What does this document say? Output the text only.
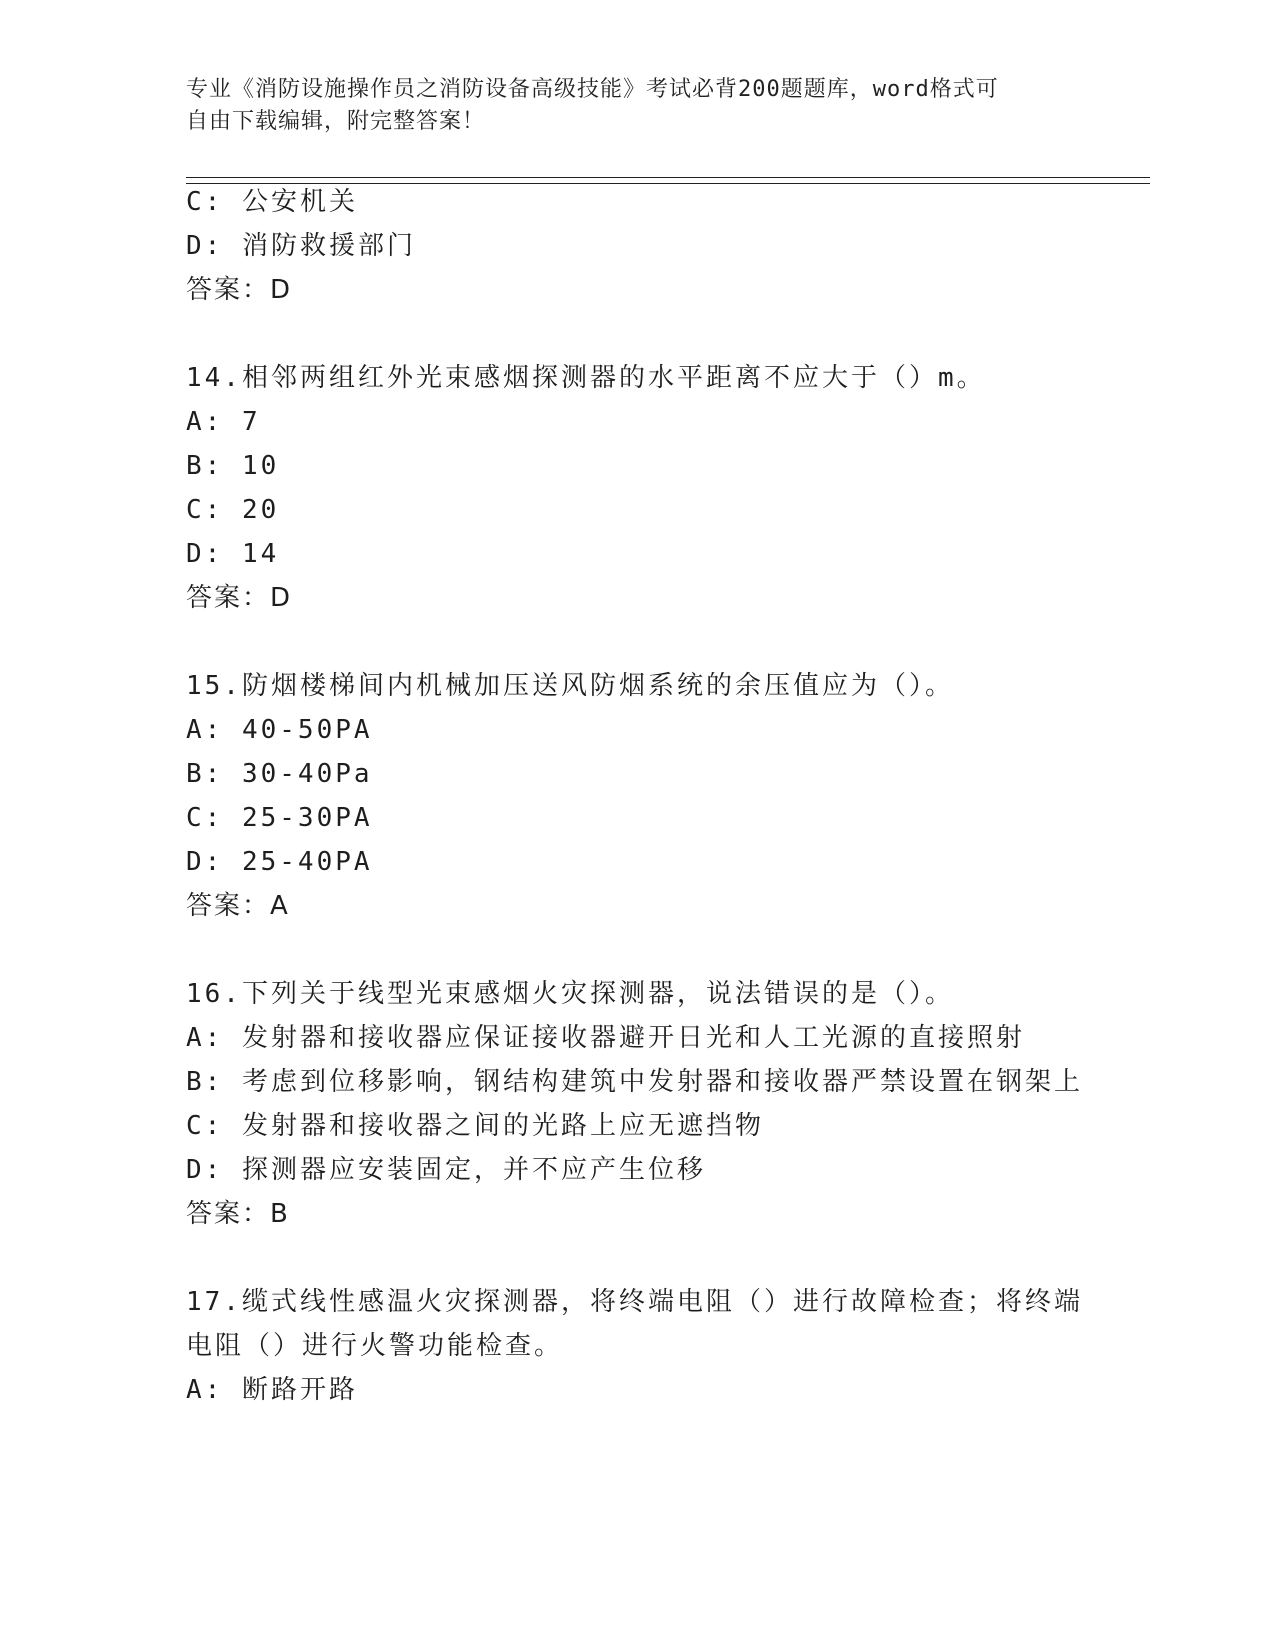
专业《消防设施操作员之消防设备高级技能》考试必背200题题库，word格式可
自由下载编辑，附完整答案！
C: 公安机关
D: 消防救援部门
答案：D
14.相邻两组红外光束感烟探测器的水平距离不应大于（）m。
A: 7
B: 10
C: 20
D: 14
答案：D
15.防烟楼梯间内机械加压送风防烟系统的余压值应为（）。
A: 40-50PA
B: 30-40Pa
C: 25-30PA
D: 25-40PA
答案：A
16.下列关于线型光束感烟火灾探测器，说法错误的是（）。
A: 发射器和接收器应保证接收器避开日光和人工光源的直接照射
B: 考虑到位移影响，钢结构建筑中发射器和接收器严禁设置在钢架上
C: 发射器和接收器之间的光路上应无遮挡物
D: 探测器应安装固定，并不应产生位移
答案：B
17.缆式线性感温火灾探测器，将终端电阻（）进行故障检查；将终端
电阻（）进行火警功能检查。
A: 断路开路
